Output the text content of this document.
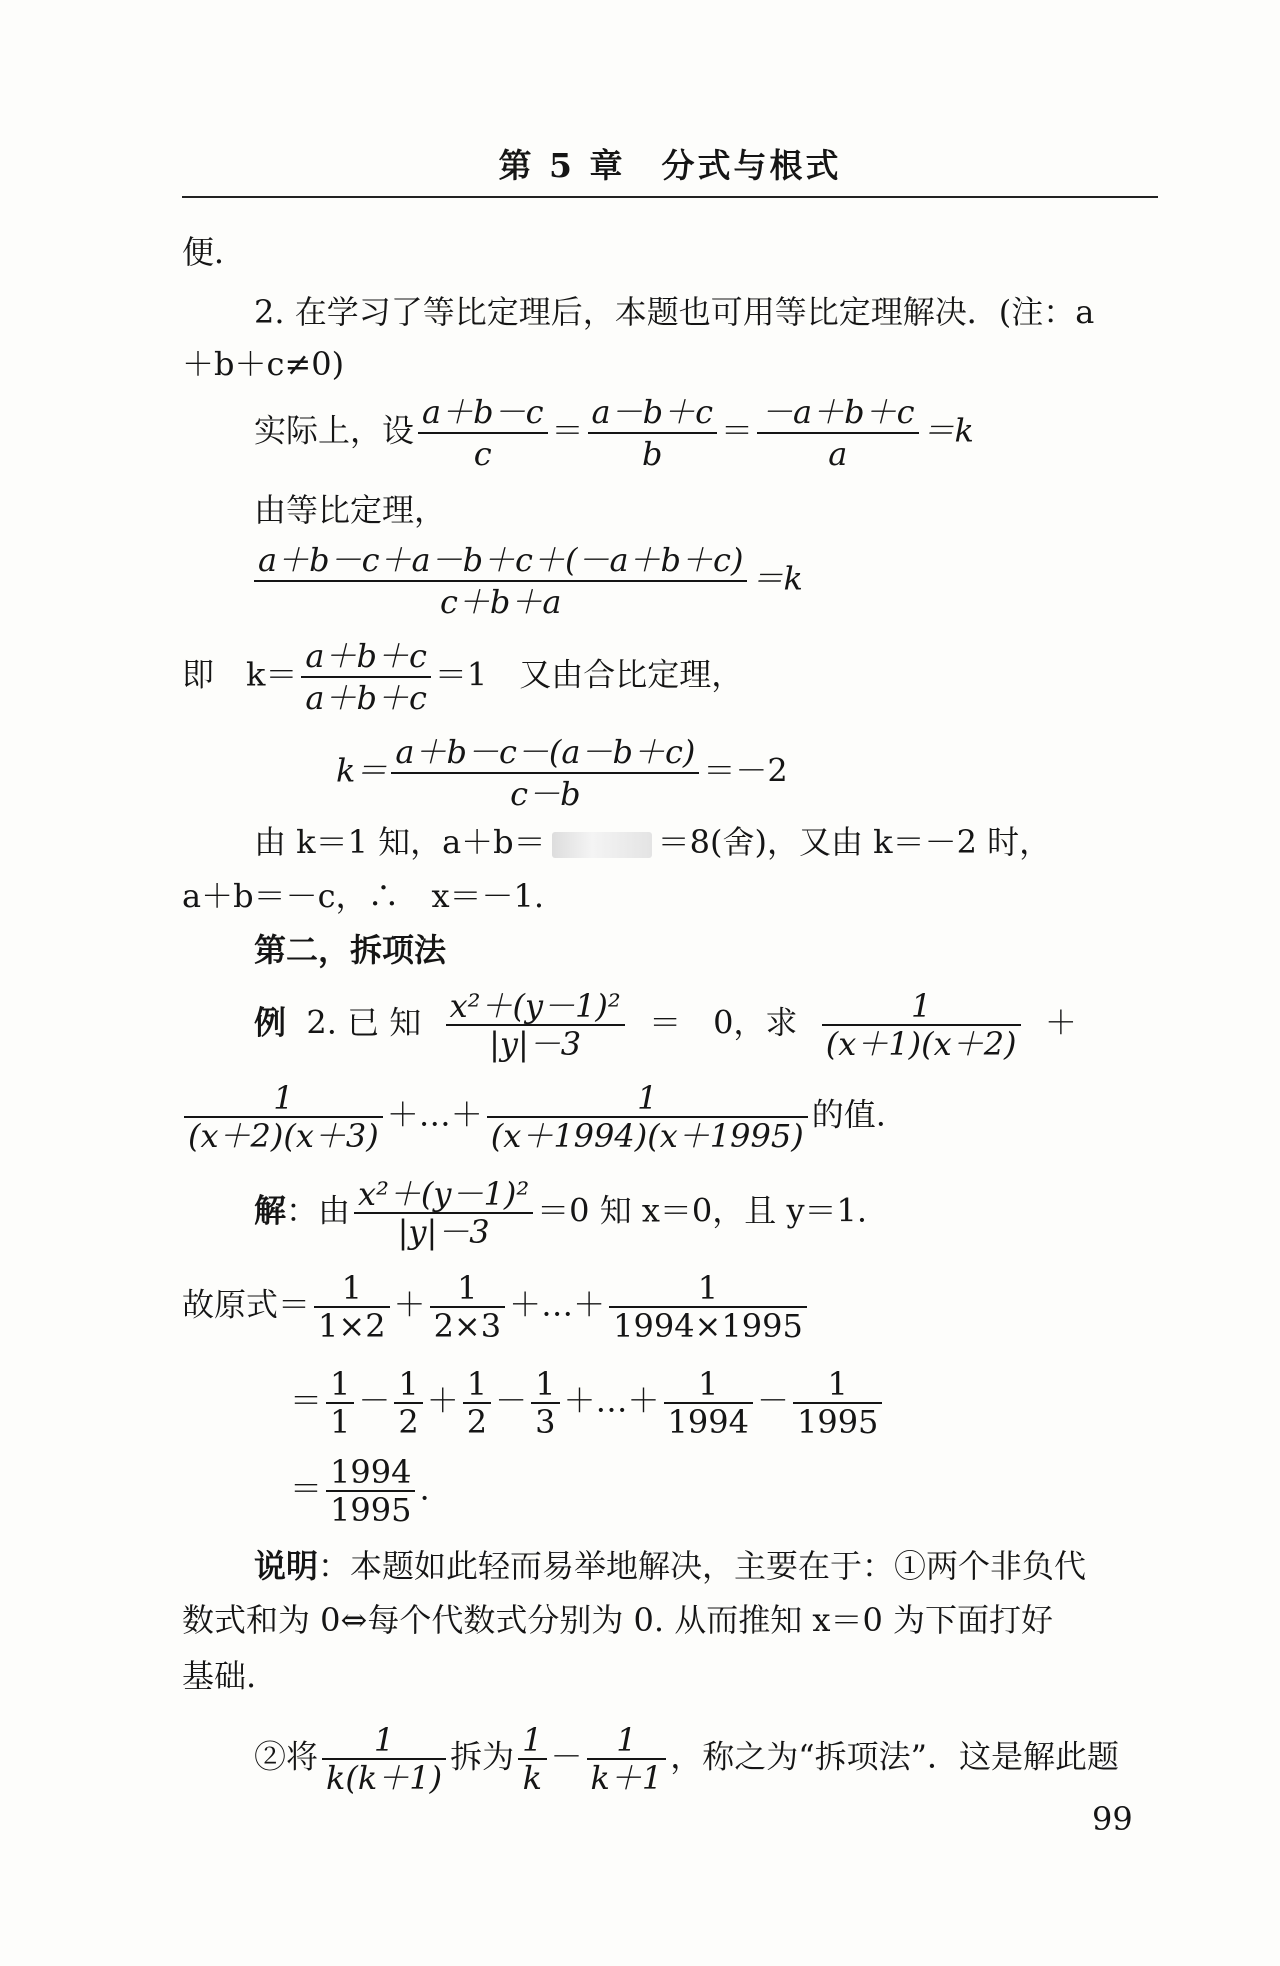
第 5 章 分式与根式
便．
2. 在学习了等比定理后，本题也可用等比定理解决．(注：a
＋b＋c≠0)
实际上，设 $\frac{a+b-c}{c} = \frac{a-b+c}{b} = \frac{-a+b+c}{a} =k$
由等比定理，
$\frac{a+b-c+a-b+c+(-a+b+c)}{c+b+a} =k$
即　$k= \frac{a+b+c}{a+b+c} =1$　又由合比定理，
$k= \frac{a+b-c-(a-b+c)}{c-b} =-2$
由 k＝1 知，a＋b＝	＝8(舍)，又由 k＝－2 时，
a＋b＝－c，∴　x＝－1.
第二，拆项法
例 2. 已 知 $\frac{\text{x²＋(y－1)²}}{|y|-3}$ ＝　0，求 $\frac{1}{(x+1)(x+2)}$ ＋
$\frac{1}{(x+2)(x+3)}$ ＋…＋ $\frac{1}{(x+1994)(x+1995)}$ 的值.
解：由 $\frac{\text{x²＋(y－1)²}}{|y|-3} =0$ 知 x＝0，且 y＝1.
故原式＝ $\frac{1}{1\times 2} + \frac{1}{2\times 3}$ ＋…＋ $\frac{1}{1994\times 1995}$
＝ $\frac{1}{1} - \frac{1}{2} + \frac{1}{2} - \frac{1}{3}$ ＋…＋ $\frac{1}{1994} - \frac{1}{1995}$
＝ $\frac{1994}{1995}$ .
说明：本题如此轻而易举地解决，主要在于：①两个非负代
数式和为 0⇔每个代数式分别为 0. 从而推知 x＝0 为下面打好
基础.
②将 $\frac{1}{k(k+1)}$ 拆为 $\frac{1}{k} - \frac{1}{k+1}$ ，称之为“拆项法”．这是解此题
99
